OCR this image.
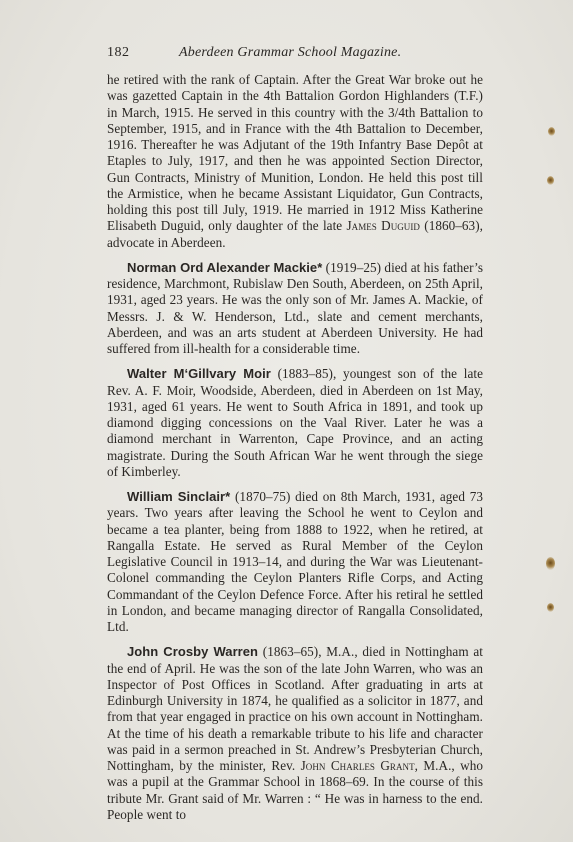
182	Aberdeen Grammar School Magazine.

he retired with the rank of Captain. After the Great War broke out he was gazetted Captain in the 4th Battalion Gordon Highlanders (T.F.) in March, 1915. He served in this country with the 3/4th Battalion to September, 1915, and in France with the 4th Battalion to December, 1916. Thereafter he was Adjutant of the 19th Infantry Base Depôt at Etaples to July, 1917, and then he was appointed Section Director, Gun Contracts, Ministry of Munition, London. He held this post till the Armistice, when he became Assistant Liquidator, Gun Contracts, holding this post till July, 1919. He married in 1912 Miss Katherine Elisabeth Duguid, only daughter of the late James Duguid (1860–63), advocate in Aberdeen.

Norman Ord Alexander Mackie* (1919–25) died at his father’s residence, Marchmont, Rubislaw Den South, Aberdeen, on 25th April, 1931, aged 23 years. He was the only son of Mr. James A. Mackie, of Messrs. J. & W. Henderson, Ltd., slate and cement merchants, Aberdeen, and was an arts student at Aberdeen University. He had suffered from ill-health for a considerable time.

Walter M‘Gillvary Moir (1883–85), youngest son of the late Rev. A. F. Moir, Woodside, Aberdeen, died in Aberdeen on 1st May, 1931, aged 61 years. He went to South Africa in 1891, and took up diamond digging concessions on the Vaal River. Later he was a diamond merchant in Warrenton, Cape Province, and an acting magistrate. During the South African War he went through the siege of Kimberley.

William Sinclair* (1870–75) died on 8th March, 1931, aged 73 years. Two years after leaving the School he went to Ceylon and became a tea planter, being from 1888 to 1922, when he retired, at Rangalla Estate. He served as Rural Member of the Ceylon Legislative Council in 1913–14, and during the War was Lieutenant-Colonel commanding the Ceylon Planters Rifle Corps, and Acting Commandant of the Ceylon Defence Force. After his retiral he settled in London, and became managing director of Rangalla Consolidated, Ltd.

John Crosby Warren (1863–65), M.A., died in Nottingham at the end of April. He was the son of the late John Warren, who was an Inspector of Post Offices in Scotland. After graduating in arts at Edinburgh University in 1874, he qualified as a solicitor in 1877, and from that year engaged in practice on his own account in Nottingham. At the time of his death a remarkable tribute to his life and character was paid in a sermon preached in St. Andrew’s Presbyterian Church, Nottingham, by the minister, Rev. John Charles Grant, M.A., who was a pupil at the Grammar School in 1868–69. In the course of this tribute Mr. Grant said of Mr. Warren : “ He was in harness to the end. People went to
